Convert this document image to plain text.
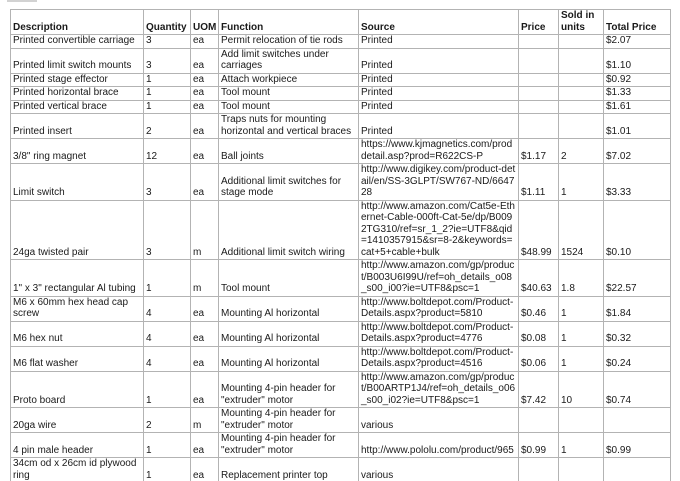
Description	Quantity	UOM	Function	Source	Price	Sold in units	Total Price
Printed convertible carriage	3	ea	Permit relocation of tie rods	Printed			$2.07
Printed limit switch mounts	3	ea	Add limit switches under carriages	Printed			$1.10
Printed stage effector	1	ea	Attach workpiece	Printed			$0.92
Printed horizontal brace	1	ea	Tool mount	Printed			$1.33
Printed vertical brace	1	ea	Tool mount	Printed			$1.61
Printed insert	2	ea	Traps nuts for mounting horizontal and vertical braces	Printed			$1.01
3/8" ring magnet	12	ea	Ball joints	https://www.kjmagnetics.com/proddetail.asp?prod=R622CS-P	$1.17	2	$7.02
Limit switch	3	ea	Additional limit switches for stage mode	http://www.digikey.com/product-detail/en/SS-3GLPT/SW767-ND/664728	$1.11	1	$3.33
24ga twisted pair	3	m	Additional limit switch wiring	http://www.amazon.com/Cat5e-Ethernet-Cable-000ft-Cat-5e/dp/B0092TG310/ref=sr_1_2?ie=UTF8&qid=1410357915&sr=8-2&keywords=cat+5+cable+bulk	$48.99	1524	$0.10
1" x 3" rectangular Al tubing	1	m	Tool mount	http://www.amazon.com/gp/product/B003U6I99U/ref=oh_details_o08_s00_i00?ie=UTF8&psc=1	$40.63	1.8	$22.57
M6 x 60mm hex head cap screw	4	ea	Mounting Al horizontal	http://www.boltdepot.com/Product-Details.aspx?product=5810	$0.46	1	$1.84
M6 hex nut	4	ea	Mounting Al horizontal	http://www.boltdepot.com/Product-Details.aspx?product=4776	$0.08	1	$0.32
M6 flat washer	4	ea	Mounting Al horizontal	http://www.boltdepot.com/Product-Details.aspx?product=4516	$0.06	1	$0.24
Proto board	1	ea	Mounting 4-pin header for "extruder" motor	http://www.amazon.com/gp/product/B00ARTP1J4/ref=oh_details_o06_s00_i02?ie=UTF8&psc=1	$7.42	10	$0.74
20ga wire	2	m	Mounting 4-pin header for "extruder" motor	various			
4 pin male header	1	ea	Mounting 4-pin header for "extruder" motor	http://www.pololu.com/product/965	$0.99	1	$0.99
34cm od x 26cm id plywood ring	1	ea	Replacement printer top	various			
